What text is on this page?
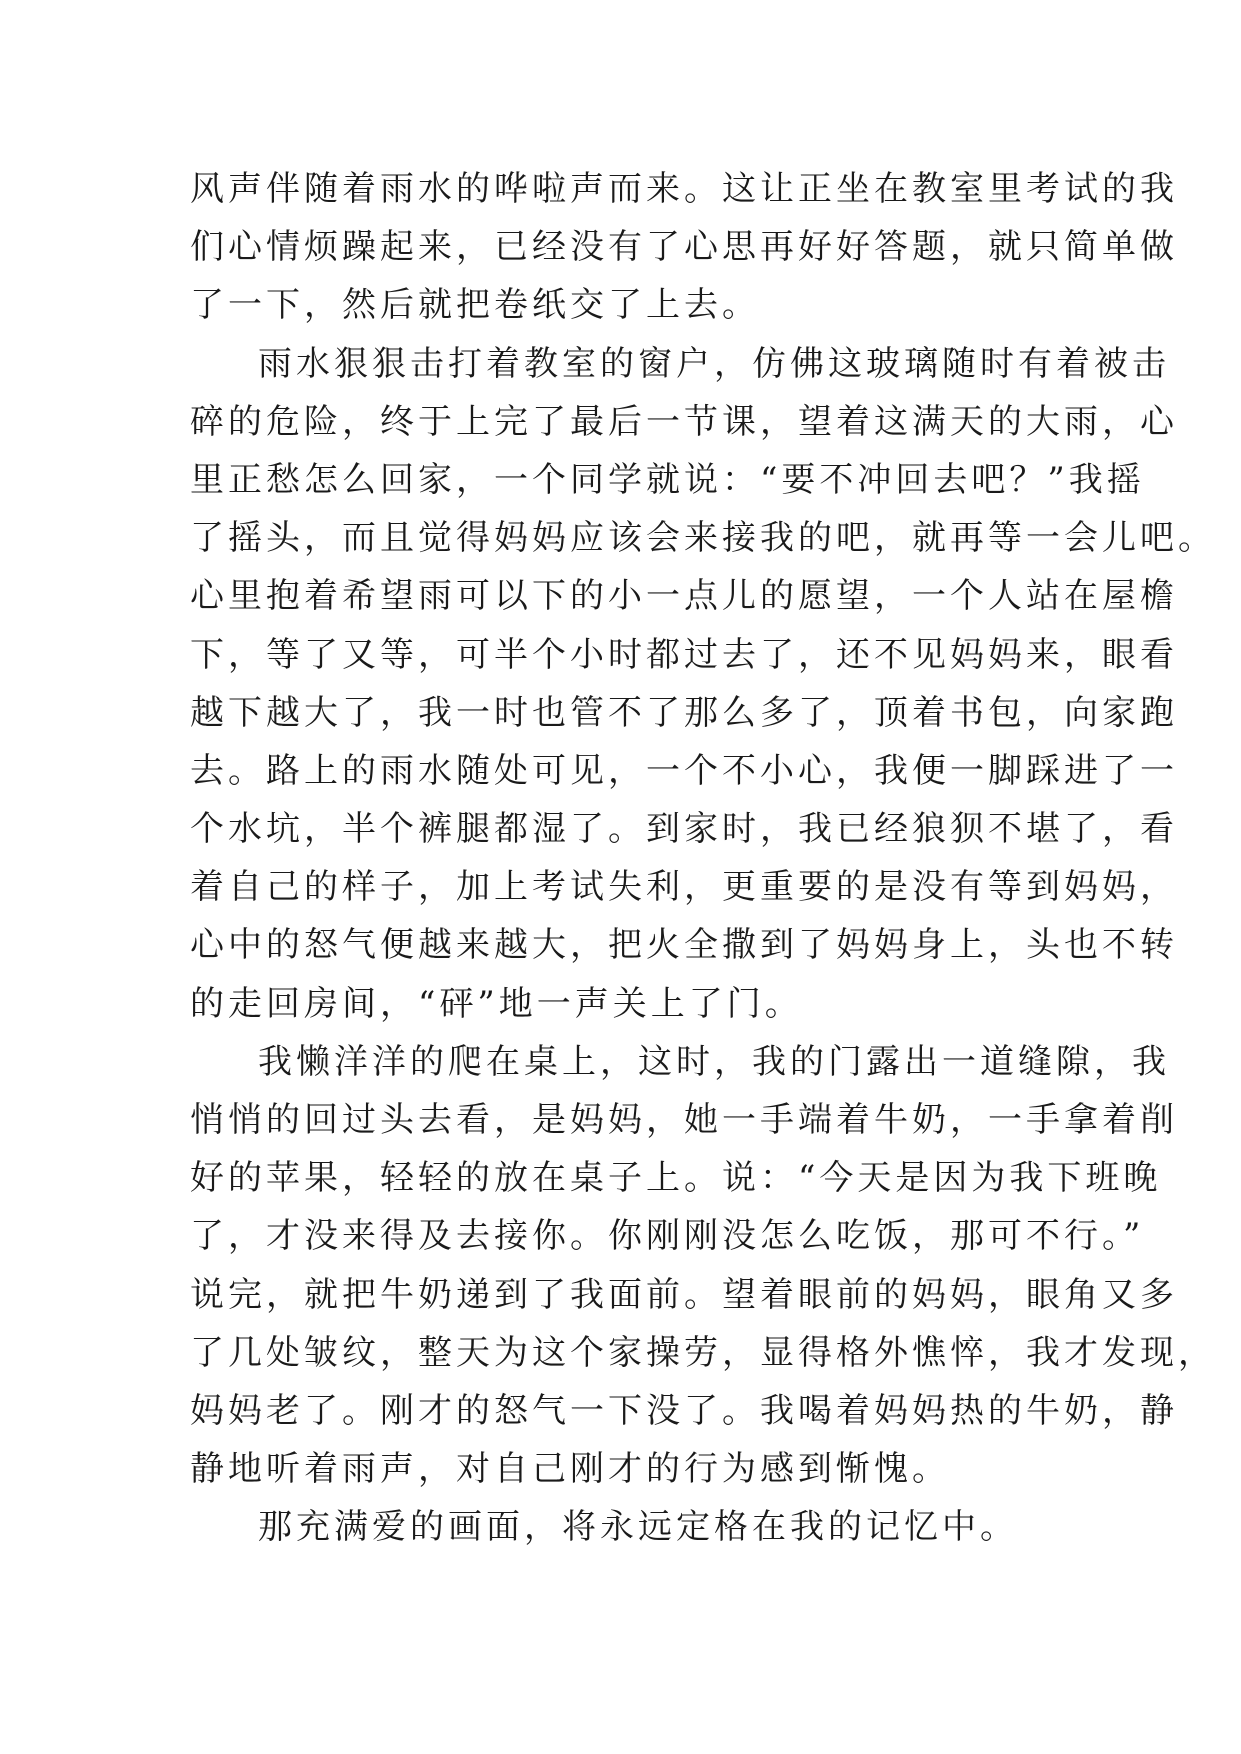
风声伴随着雨水的哗啦声而来。这让正坐在教室里考试的我
们心情烦躁起来，已经没有了心思再好好答题，就只简单做
了一下，然后就把卷纸交了上去。
雨水狠狠击打着教室的窗户，仿佛这玻璃随时有着被击
碎的危险，终于上完了最后一节课，望着这满天的大雨，心
里正愁怎么回家，一个同学就说：“要不冲回去吧？”我摇
了摇头，而且觉得妈妈应该会来接我的吧，就再等一会儿吧。
心里抱着希望雨可以下的小一点儿的愿望，一个人站在屋檐
下，等了又等，可半个小时都过去了，还不见妈妈来，眼看
越下越大了，我一时也管不了那么多了，顶着书包，向家跑
去。路上的雨水随处可见，一个不小心，我便一脚踩进了一
个水坑，半个裤腿都湿了。到家时，我已经狼狈不堪了，看
着自己的样子，加上考试失利，更重要的是没有等到妈妈，
心中的怒气便越来越大，把火全撒到了妈妈身上，头也不转
的走回房间，“砰”地一声关上了门。
我懒洋洋的爬在桌上，这时，我的门露出一道缝隙，我
悄悄的回过头去看，是妈妈，她一手端着牛奶，一手拿着削
好的苹果，轻轻的放在桌子上。说：“今天是因为我下班晚
了，才没来得及去接你。你刚刚没怎么吃饭，那可不行。”
说完，就把牛奶递到了我面前。望着眼前的妈妈，眼角又多
了几处皱纹，整天为这个家操劳，显得格外憔悴，我才发现，
妈妈老了。刚才的怒气一下没了。我喝着妈妈热的牛奶，静
静地听着雨声，对自己刚才的行为感到惭愧。
那充满爱的画面，将永远定格在我的记忆中。
